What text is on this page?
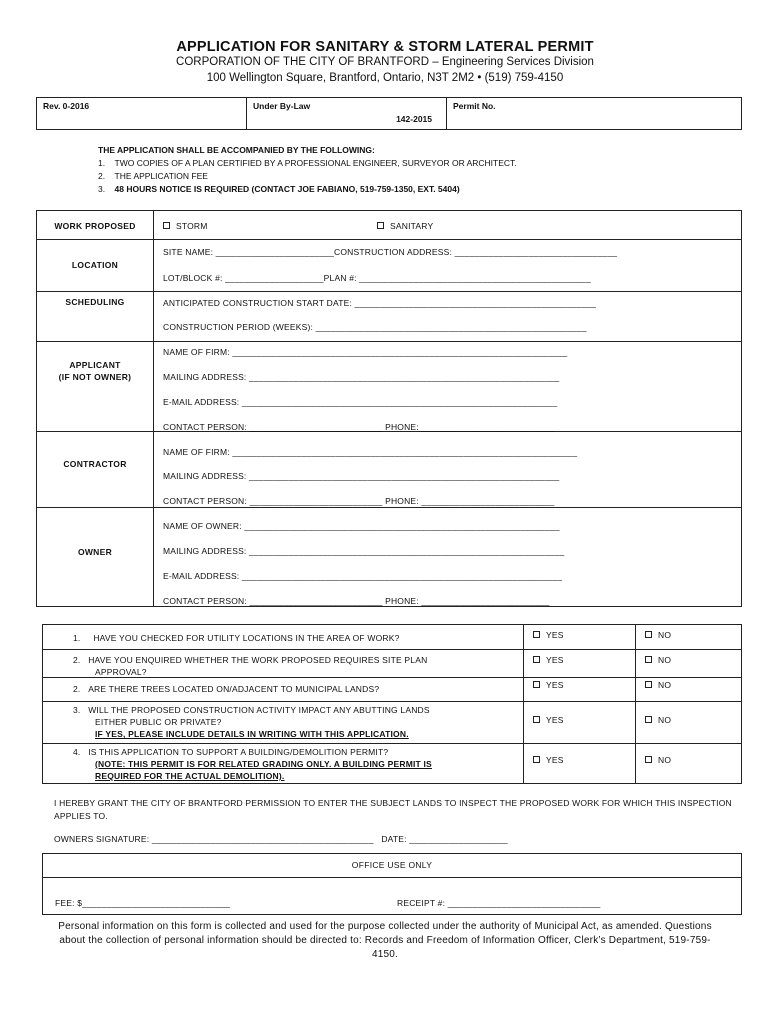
APPLICATION FOR SANITARY & STORM LATERAL PERMIT
CORPORATION OF THE CITY OF BRANTFORD – Engineering Services Division
100 Wellington Square, Brantford, Ontario, N3T 2M2 • (519) 759-4150
Rev. 0-2016	Under By-Law
142-2015
Permit No.
THE APPLICATION SHALL BE ACCOMPANIED BY THE FOLLOWING:
1. TWO COPIES OF A PLAN CERTIFIED BY A PROFESSIONAL ENGINEER, SURVEYOR OR ARCHITECT.
2. THE APPLICATION FEE
3. 48 HOURS NOTICE IS REQUIRED (CONTACT JOE FABIANO, 519-759-1350, EXT. 5404)
WORK PROPOSED	STORM	SANITARY
LOCATION
SITE NAME: ________________________CONSTRUCTION ADDRESS: _________________________________
LOT/BLOCK #: ____________________PLAN #: _______________________________________________
SCHEDULING	ANTICIPATED CONSTRUCTION START DATE: _________________________________________________
CONSTRUCTION PERIOD (WEEKS): _______________________________________________________
APPLICANT
(IF NOT OWNER)
NAME OF FIRM: ____________________________________________________________________
MAILING ADDRESS: _______________________________________________________________
E-MAIL ADDRESS: ________________________________________________________________
CONTACT PERSON: ___________________________ PHONE: ___________________________
CONTRACTOR
NAME OF FIRM: ______________________________________________________________________
MAILING ADDRESS: _______________________________________________________________
CONTACT PERSON: ___________________________ PHONE: ___________________________
OWNER
NAME OF OWNER: ________________________________________________________________
MAILING ADDRESS: ________________________________________________________________
E-MAIL ADDRESS: _________________________________________________________________
CONTACT PERSON: ___________________________ PHONE: __________________________
1. HAVE YOU CHECKED FOR UTILITY LOCATIONS IN THE AREA OF WORK?	YES	NO
2. HAVE YOU ENQUIRED WHETHER THE WORK PROPOSED REQUIRES SITE PLAN
APPROVAL?
YES	NO
2. ARE THERE TREES LOCATED ON/ADJACENT TO MUNICIPAL LANDS?	YES	NO
3. WILL THE PROPOSED CONSTRUCTION ACTIVITY IMPACT ANY ABUTTING LANDS
EITHER PUBLIC OR PRIVATE?
IF YES, PLEASE INCLUDE DETAILS IN WRITING WITH THIS APPLICATION.
YES	NO
4. IS THIS APPLICATION TO SUPPORT A BUILDING/DEMOLITION PERMIT?
(NOTE: THIS PERMIT IS FOR RELATED GRADING ONLY. A BUILDING PERMIT IS
REQUIRED FOR THE ACTUAL DEMOLITION).
YES	NO
I HEREBY GRANT THE CITY OF BRANTFORD PERMISSION TO ENTER THE SUBJECT LANDS TO INSPECT THE PROPOSED WORK FOR WHICH THIS INSPECTION APPLIES TO.
OWNERS SIGNATURE: _____________________________________________ DATE: ____________________
OFFICE USE ONLY
FEE: $______________________________	RECEIPT #: _______________________________
Personal information on this form is collected and used for the purpose collected under the authority of Municipal Act, as amended. Questions about the collection of personal information should be directed to: Records and Freedom of Information Officer, Clerk’s Department, 519-759-4150.
